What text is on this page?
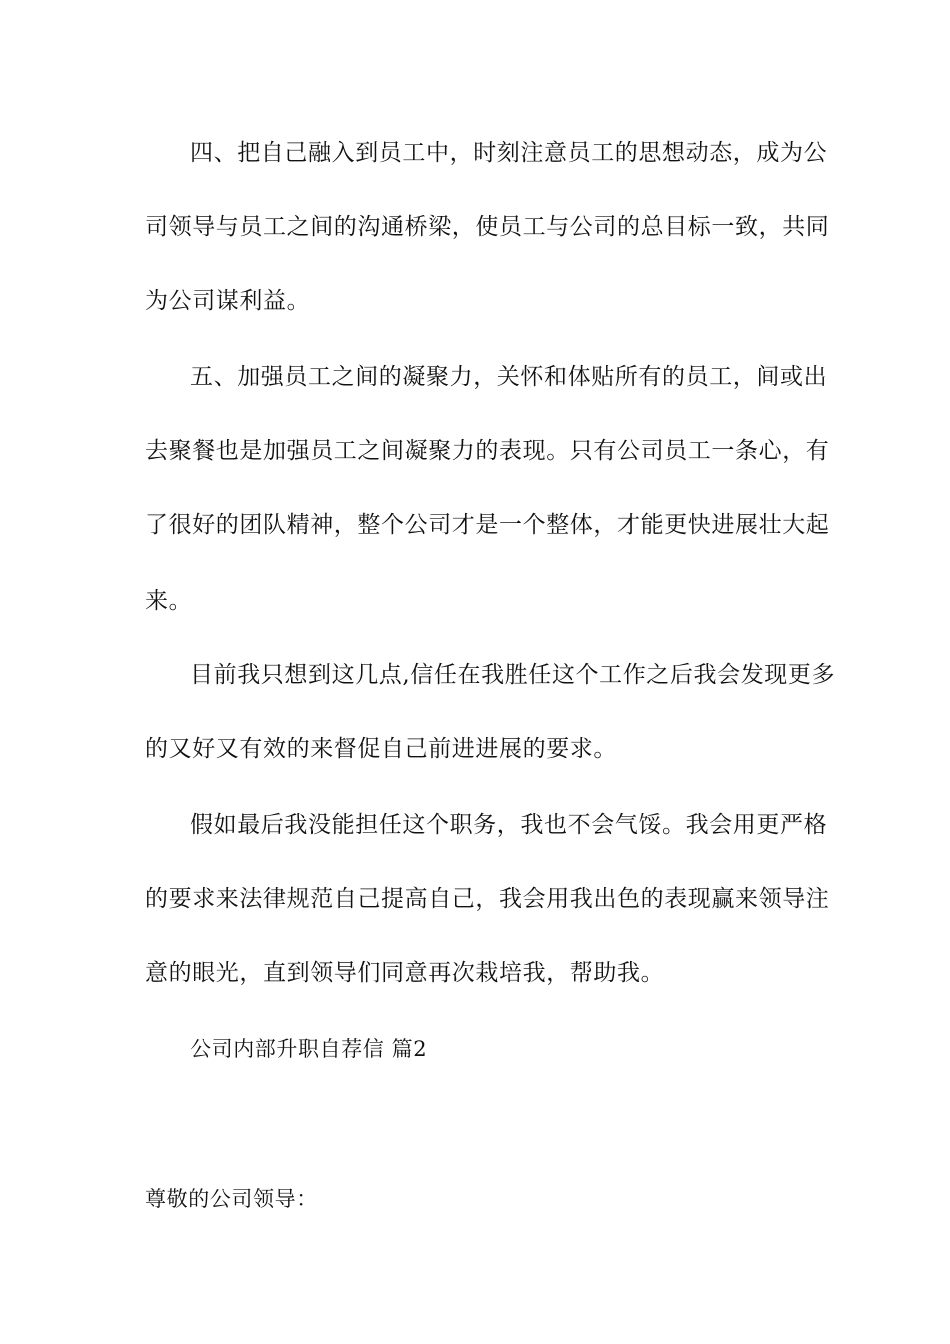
四、把自己融入到员工中，时刻注意员工的思想动态，成为公
司领导与员工之间的沟通桥梁，使员工与公司的总目标一致，共同
为公司谋利益。
五、加强员工之间的凝聚力，关怀和体贴所有的员工，间或出
去聚餐也是加强员工之间凝聚力的表现。只有公司员工一条心，有
了很好的团队精神，整个公司才是一个整体，才能更快进展壮大起
来。
目前我只想到这几点,信任在我胜任这个工作之后我会发现更多
的又好又有效的来督促自己前进进展的要求。
假如最后我没能担任这个职务，我也不会气馁。我会用更严格
的要求来法律规范自己提高自己，我会用我出色的表现赢来领导注
意的眼光，直到领导们同意再次栽培我，帮助我。
公司内部升职自荐信 篇2
尊敬的公司领导：
